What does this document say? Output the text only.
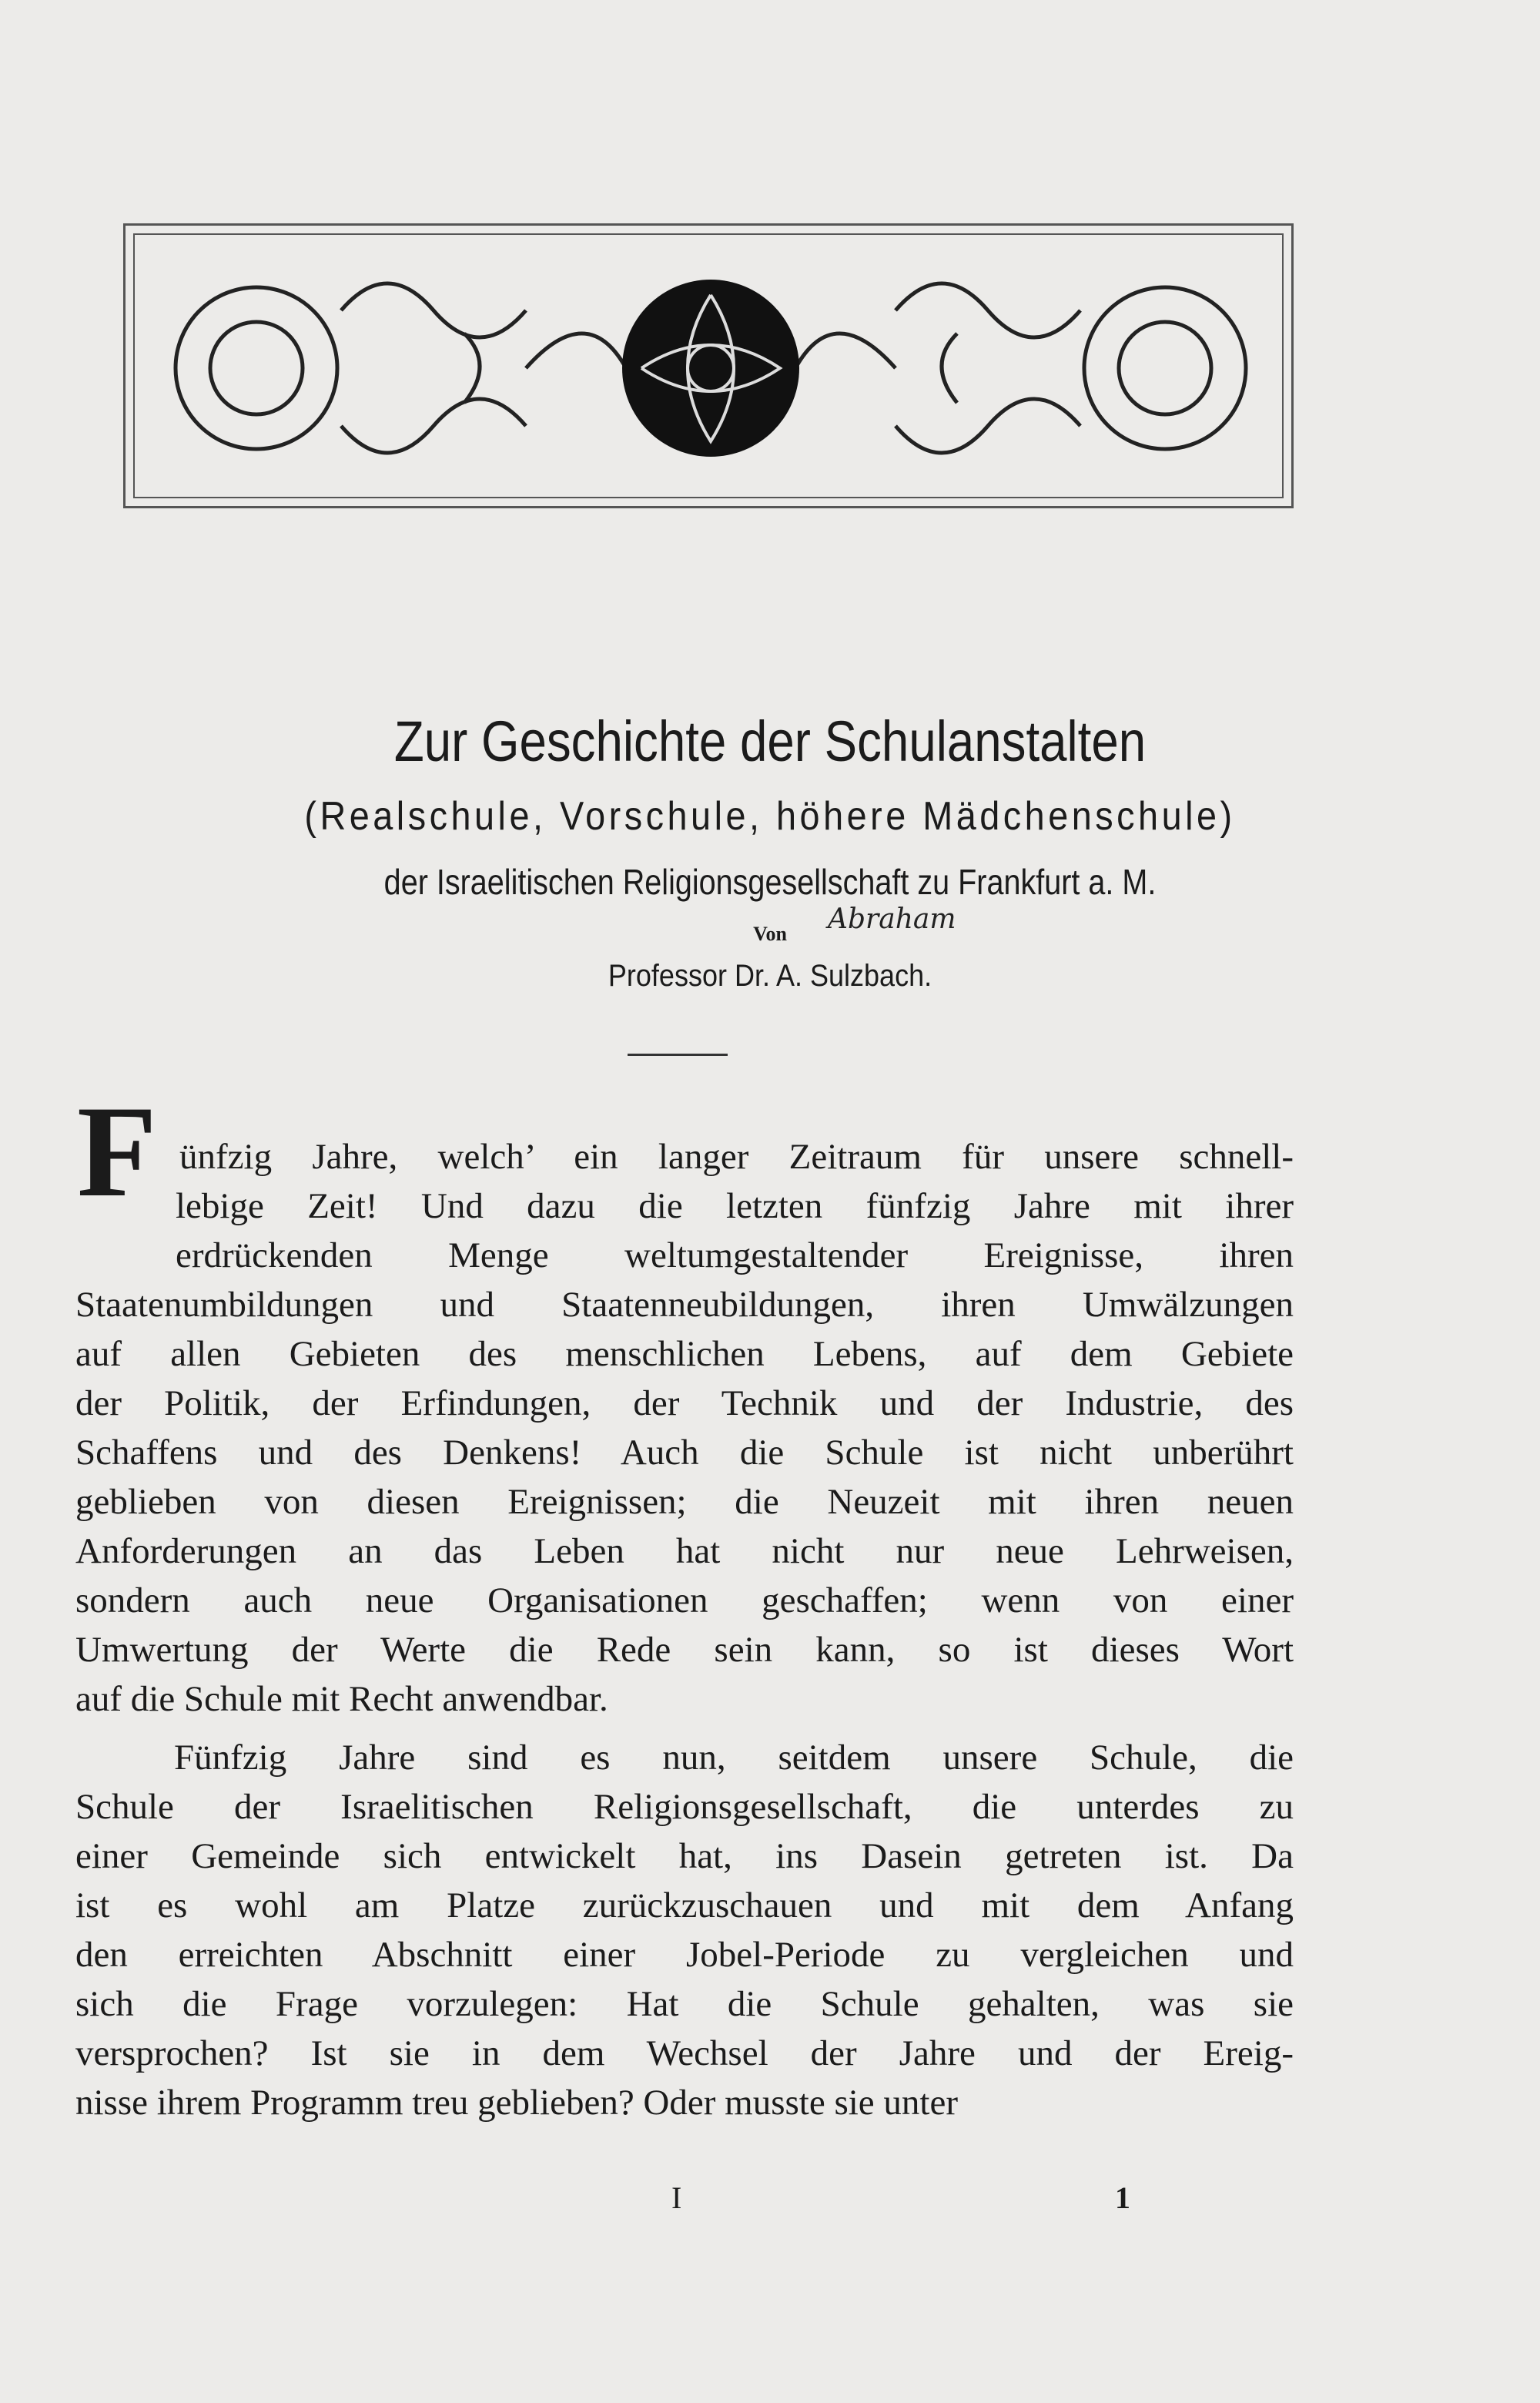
Zur Geschichte der Schulanstalten
(Realschule, Vorschule, höhere Mädchenschule)
der Israelitischen Religionsgesellschaft zu Frankfurt a. M.
Von
Professor Dr. A. Sulzbach.
Abraham
F ünfzig Jahre, welch’ ein langer Zeitraum für unsere schnell-
lebige Zeit! Und dazu die letzten fünfzig Jahre mit ihrer
erdrückenden Menge weltumgestaltender Ereignisse, ihren
Staatenumbildungen und Staatenneubildungen, ihren Umwälzungen
auf allen Gebieten des menschlichen Lebens, auf dem Gebiete
der Politik, der Erfindungen, der Technik und der Industrie, des
Schaffens und des Denkens! Auch die Schule ist nicht unberührt
geblieben von diesen Ereignissen; die Neuzeit mit ihren neuen
Anforderungen an das Leben hat nicht nur neue Lehrweisen,
sondern auch neue Organisationen geschaffen; wenn von einer
Umwertung der Werte die Rede sein kann, so ist dieses Wort
auf die Schule mit Recht anwendbar.
Fünfzig Jahre sind es nun, seitdem unsere Schule, die
Schule der Israelitischen Religionsgesellschaft, die unterdes zu
einer Gemeinde sich entwickelt hat, ins Dasein getreten ist. Da
ist es wohl am Platze zurückzuschauen und mit dem Anfang
den erreichten Abschnitt einer Jobel-Periode zu vergleichen und
sich die Frage vorzulegen: Hat die Schule gehalten, was sie
versprochen? Ist sie in dem Wechsel der Jahre und der Ereig-
nisse ihrem Programm treu geblieben? Oder musste sie unter
I	1
